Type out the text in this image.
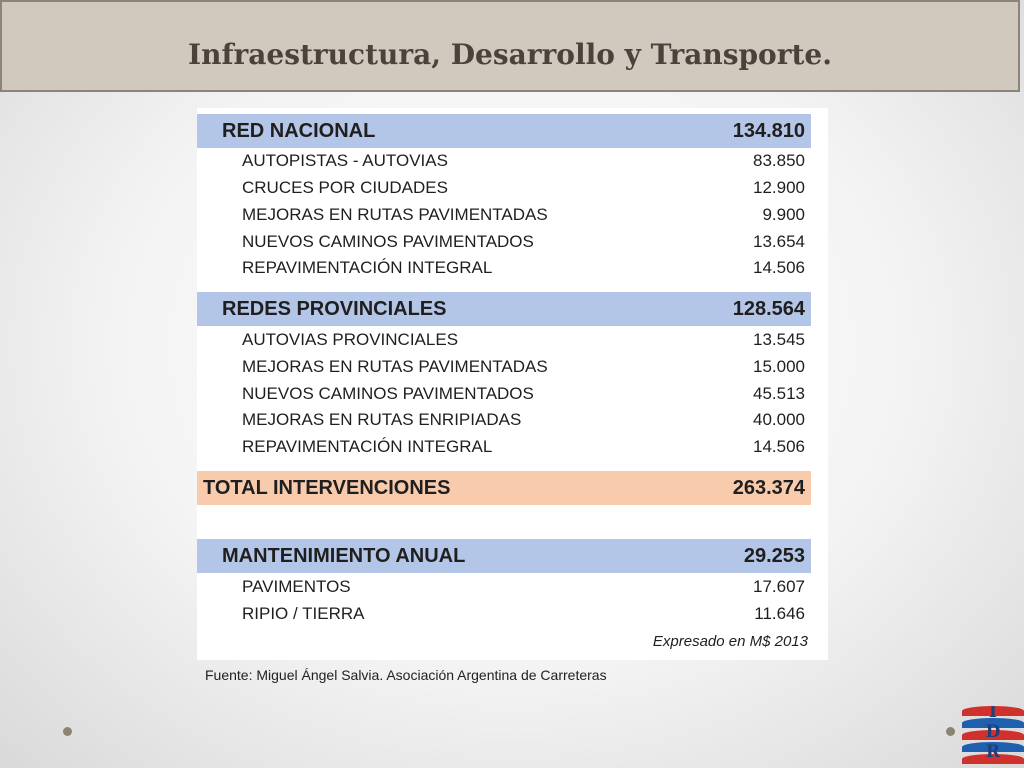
Infraestructura, Desarrollo y Transporte.
RED NACIONAL	134.810
AUTOPISTAS - AUTOVIAS	83.850
CRUCES POR CIUDADES	12.900
MEJORAS EN RUTAS PAVIMENTADAS	9.900
NUEVOS CAMINOS PAVIMENTADOS	13.654
REPAVIMENTACIÓN INTEGRAL	14.506
REDES PROVINCIALES	128.564
AUTOVIAS PROVINCIALES	13.545
MEJORAS EN RUTAS PAVIMENTADAS	15.000
NUEVOS CAMINOS PAVIMENTADOS	45.513
MEJORAS EN RUTAS ENRIPIADAS	40.000
REPAVIMENTACIÓN INTEGRAL	14.506
TOTAL INTERVENCIONES	263.374
MANTENIMIENTO ANUAL	29.253
PAVIMENTOS	17.607
RIPIO / TIERRA	11.646
Expresado en M$ 2013
Fuente: Miguel Ángel Salvia. Asociación Argentina de Carreteras
I
D
R
